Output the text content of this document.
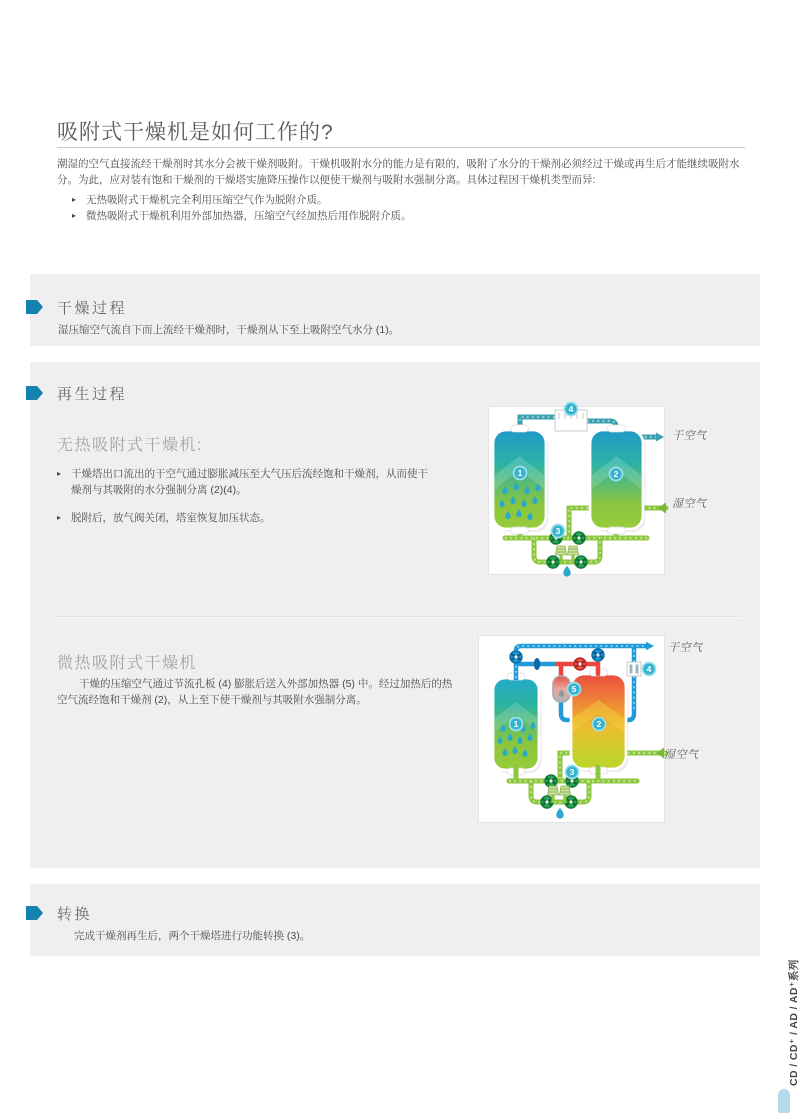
吸附式干燥机是如何工作的?

潮湿的空气直接流经干燥剂时其水分会被干燥剂吸附。干燥机吸附水分的能力是有限的，吸附了水分的干燥剂必须经过干燥或再生后才能继续吸附水分。为此，应对装有饱和干燥剂的干燥塔实施降压操作以便使干燥剂与吸附水强制分离。具体过程因干燥机类型而异:

▸ 无热吸附式干燥机完全利用压缩空气作为脱附介质。
▸ 微热吸附式干燥机利用外部加热器，压缩空气经加热后用作脱附介质。
干燥过程

湿压缩空气流自下而上流经干燥剂时，干燥剂从下至上吸附空气水分 (1)。

再生过程
无热吸附式干燥机:
▸ 干燥塔出口流出的干空气通过膨胀减压至大气压后流经饱和干燥剂，从而使干燥剂与其吸附的水分强制分离 (2)(4)。
▸ 脱附后，放气阀关闭，塔室恢复加压状态。
微热吸附式干燥机

干燥的压缩空气通过节流孔板 (4) 膨胀后送入外部加热器 (5) 中。经过加热后的热空气流经饱和干燥剂 (2)，从上至下使干燥剂与其吸附水强制分离。

1	2
3
4
干空气
湿空气
1	2
3
4
5
干空气
湿空气
转换

完成干燥剂再生后，两个干燥塔进行功能转换 (3)。

CD / CD⁺ / AD / AD⁺系列
